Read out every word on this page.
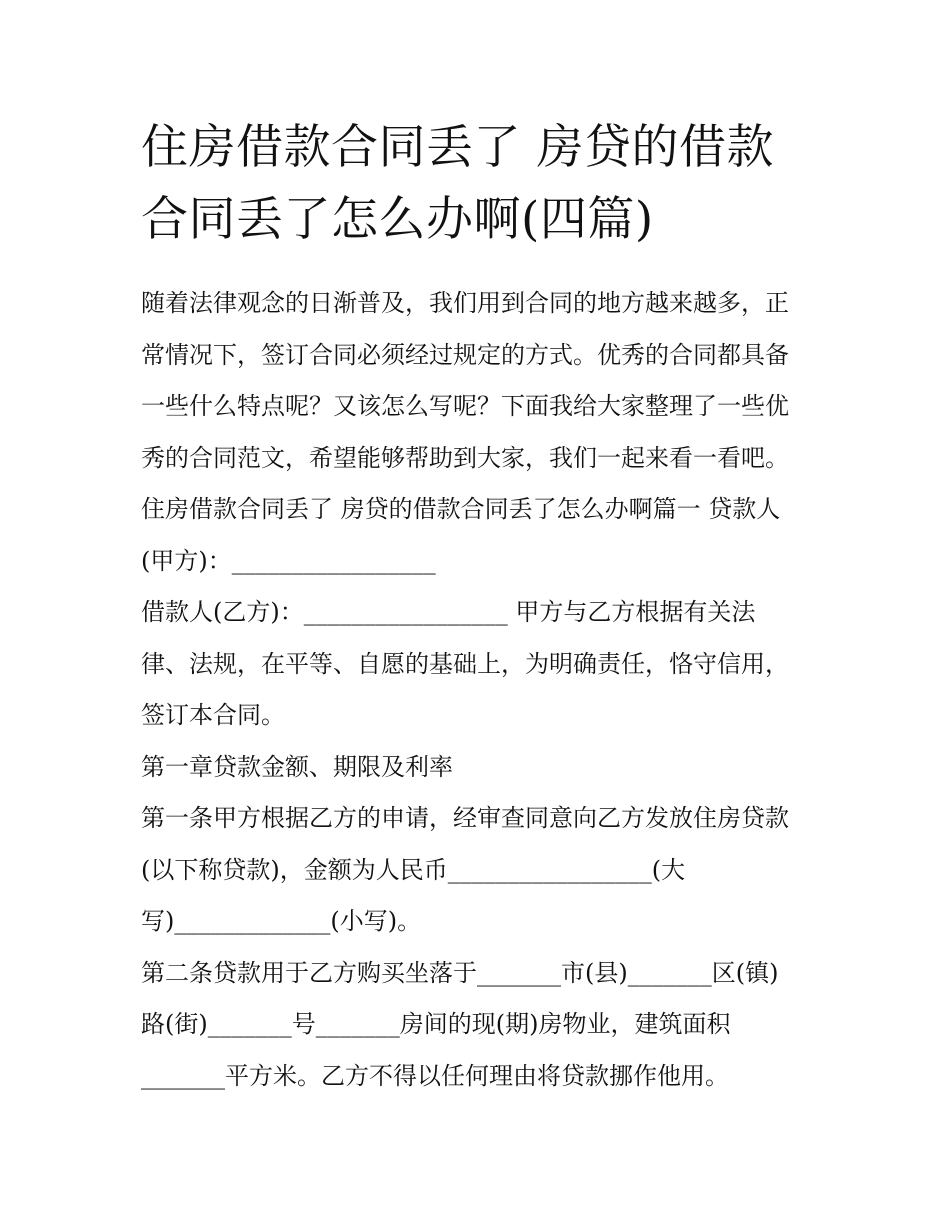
住房借款合同丢了 房贷的借款
合同丢了怎么办啊(四篇)

随着法律观念的日渐普及，我们用到合同的地方越来越多，正

常情况下，签订合同必须经过规定的方式。优秀的合同都具备

一些什么特点呢？又该怎么写呢？下面我给大家整理了一些优

秀的合同范文，希望能够帮助到大家，我们一起来看一看吧。

住房借款合同丢了 房贷的借款合同丢了怎么办啊篇一 贷款人

(甲方)：_________________

借款人(乙方)：_________________ 甲方与乙方根据有关法

律、法规，在平等、自愿的基础上，为明确责任，恪守信用，

签订本合同。

第一章贷款金额、期限及利率

第一条甲方根据乙方的申请，经审查同意向乙方发放住房贷款

(以下称贷款)，金额为人民币_________________(大

写)_____________(小写)。

第二条贷款用于乙方购买坐落于_______市(县)_______区(镇)

路(街)_______号_______房间的现(期)房物业，建筑面积

_______平方米。乙方不得以任何理由将贷款挪作他用。
